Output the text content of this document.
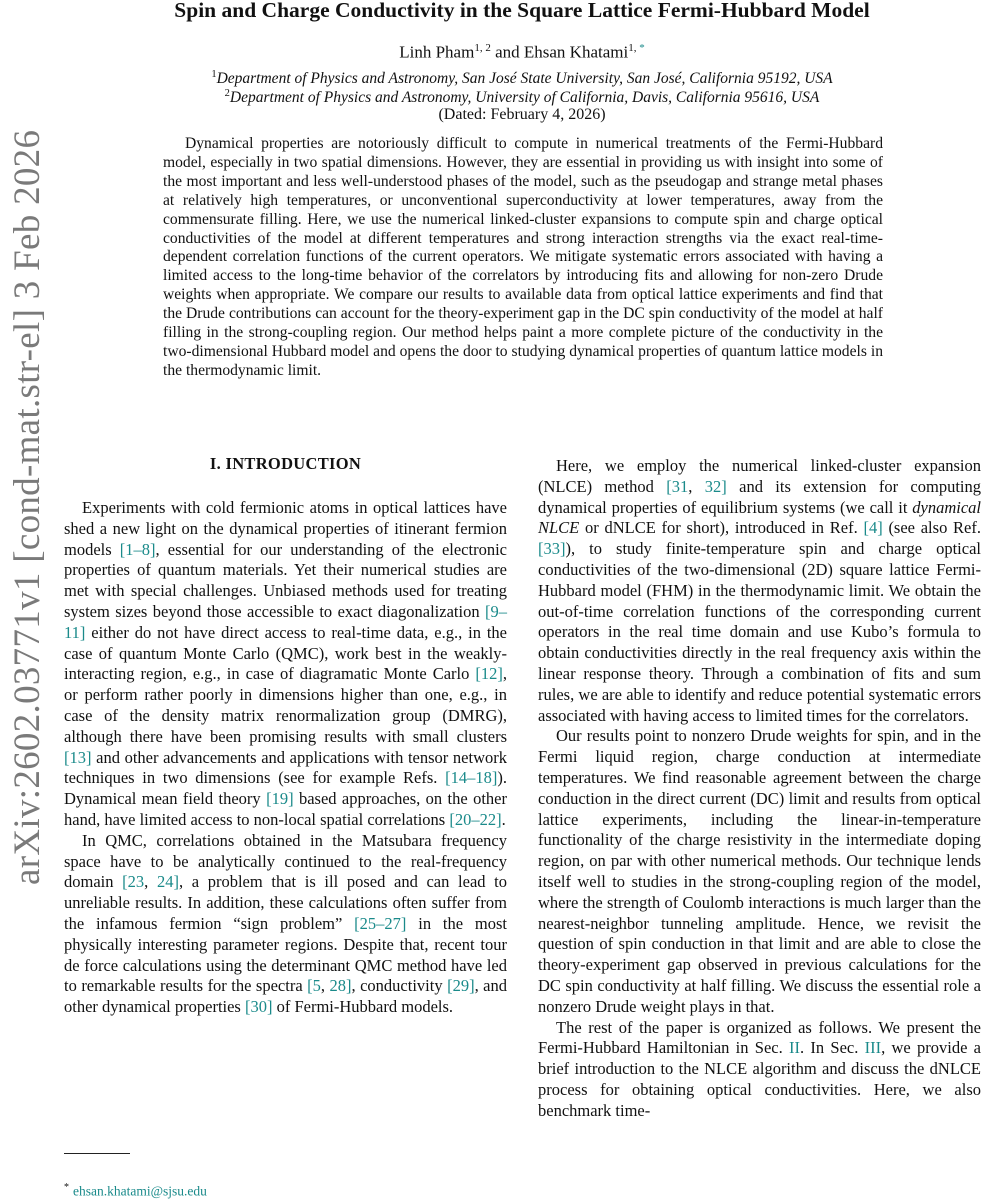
arXiv:2602.03771v1 [cond-mat.str-el] 3 Feb 2026
Spin and Charge Conductivity in the Square Lattice Fermi-Hubbard Model
Linh Pham$^{1, 2}$ and Ehsan Khatami$^{1, *}$
$^1$Department of Physics and Astronomy, San José State University, San José, California 95192, USA
$^2$Department of Physics and Astronomy, University of California, Davis, California 95616, USA
(Dated: February 4, 2026)

Dynamical properties are notoriously difficult to compute in numerical treatments of the Fermi-Hubbard model, especially in two spatial dimensions. However, they are essential in providing us with insight into some of the most important and less well-understood phases of the model, such as the pseudogap and strange metal phases at relatively high temperatures, or unconventional superconductivity at lower temperatures, away from the commensurate filling. Here, we use the numerical linked-cluster expansions to compute spin and charge optical conductivities of the model at different temperatures and strong interaction strengths via the exact real-time-dependent correlation functions of the current operators. We mitigate systematic errors associated with having a limited access to the long-time behavior of the correlators by introducing fits and allowing for non-zero Drude weights when appropriate. We compare our results to available data from optical lattice experiments and find that the Drude contributions can account for the theory-experiment gap in the DC spin conductivity of the model at half filling in the strong-coupling region. Our method helps paint a more complete picture of the conductivity in the two-dimensional Hubbard model and opens the door to studying dynamical properties of quantum lattice models in the thermodynamic limit.

I. INTRODUCTION

Experiments with cold fermionic atoms in optical lattices have shed a new light on the dynamical properties of itinerant fermion models [1–8], essential for our understanding of the electronic properties of quantum materials. Yet their numerical studies are met with special challenges. Unbiased methods used for treating system sizes beyond those accessible to exact diagonalization [9–11] either do not have direct access to real-time data, e.g., in the case of quantum Monte Carlo (QMC), work best in the weakly-interacting region, e.g., in case of diagramatic Monte Carlo [12], or perform rather poorly in dimensions higher than one, e.g., in case of the density matrix renormalization group (DMRG), although there have been promising results with small clusters [13] and other advancements and applications with tensor network techniques in two dimensions (see for example Refs. [14–18]). Dynamical mean field theory [19] based approaches, on the other hand, have limited access to non-local spatial correlations [20–22].

In QMC, correlations obtained in the Matsubara frequency space have to be analytically continued to the real-frequency domain [23, 24], a problem that is ill posed and can lead to unreliable results. In addition, these calculations often suffer from the infamous fermion “sign problem” [25–27] in the most physically interesting parameter regions. Despite that, recent tour de force calculations using the determinant QMC method have led to remarkable results for the spectra [5, 28], conductivity [29], and other dynamical properties [30] of Fermi-Hubbard models.

Here, we employ the numerical linked-cluster expansion (NLCE) method [31, 32] and its extension for computing dynamical properties of equilibrium systems (we call it dynamical NLCE or dNLCE for short), introduced in Ref. [4] (see also Ref. [33]), to study finite-temperature spin and charge optical conductivities of the two-dimensional (2D) square lattice Fermi-Hubbard model (FHM) in the thermodynamic limit. We obtain the out-of-time correlation functions of the corresponding current operators in the real time domain and use Kubo’s formula to obtain conductivities directly in the real frequency axis within the linear response theory. Through a combination of fits and sum rules, we are able to identify and reduce potential systematic errors associated with having access to limited times for the correlators.

Our results point to nonzero Drude weights for spin, and in the Fermi liquid region, charge conduction at intermediate temperatures. We find reasonable agreement between the charge conduction in the direct current (DC) limit and results from optical lattice experiments, including the linear-in-temperature functionality of the charge resistivity in the intermediate doping region, on par with other numerical methods. Our technique lends itself well to studies in the strong-coupling region of the model, where the strength of Coulomb interactions is much larger than the nearest-neighbor tunneling amplitude. Hence, we revisit the question of spin conduction in that limit and are able to close the theory-experiment gap observed in previous calculations for the DC spin conductivity at half filling. We discuss the essential role a nonzero Drude weight plays in that.

The rest of the paper is organized as follows. We present the Fermi-Hubbard Hamiltonian in Sec. II. In Sec. III, we provide a brief introduction to the NLCE algorithm and discuss the dNLCE process for obtaining optical conductivities. Here, we also benchmark time-

* ehsan.khatami@sjsu.edu
